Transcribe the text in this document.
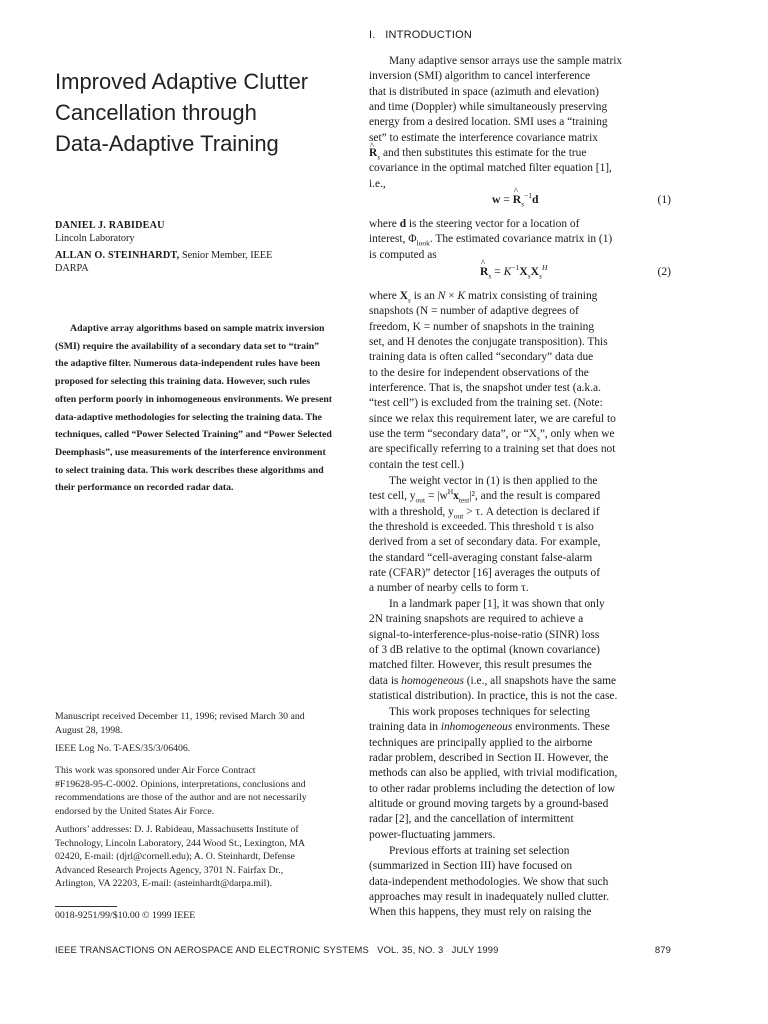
Improved Adaptive Clutter
Cancellation through
Data-Adaptive Training
DANIEL J. RABIDEAU
Lincoln Laboratory
ALLAN O. STEINHARDT, Senior Member, IEEE
DARPA
Adaptive array algorithms based on sample matrix inversion
(SMI) require the availability of a secondary data set to “train”
the adaptive filter. Numerous data-independent rules have been
proposed for selecting this training data. However, such rules
often perform poorly in inhomogeneous environments. We present
data-adaptive methodologies for selecting the training data. The
techniques, called “Power Selected Training” and “Power Selected
Deemphasis”, use measurements of the interference environment
to select training data. This work describes these algorithms and
their performance on recorded radar data.
Manuscript received December 11, 1996; revised March 30 and
August 28, 1998.
IEEE Log No. T-AES/35/3/06406.
This work was sponsored under Air Force Contract
#F19628-95-C-0002. Opinions, interpretations, conclusions and
recommendations are those of the author and are not necessarily
endorsed by the United States Air Force.
Authors’ addresses: D. J. Rabideau, Massachusetts Institute of
Technology, Lincoln Laboratory, 244 Wood St., Lexington, MA
02420, E-mail: (djrl@cornell.edu); A. O. Steinhardt, Defense
Advanced Research Projects Agency, 3701 N. Fairfax Dr.,
Arlington, VA 22203, E-mail: (asteinhardt@darpa.mil).
0018-9251/99/$10.00 © 1999 IEEE
IEEE TRANSACTIONS ON AEROSPACE AND ELECTRONIC SYSTEMS   VOL. 35, NO. 3   JULY 1999	879
I.   INTRODUCTION
Many adaptive sensor arrays use the sample matrix
inversion (SMI) algorithm to cancel interference
that is distributed in space (azimuth and elevation)
and time (Doppler) while simultaneously preserving
energy from a desired location. SMI uses a “training
set” to estimate the interference covariance matrix
^ $R_s$ and then substitutes this estimate for the true
covariance in the optimal matched filter equation [1],
i.e.,
w = ^ $R_s^{-1}d$	(1)
where d is the steering vector for a location of
interest, $\Phi_{look}$. The estimated covariance matrix in (1)
is computed as
^ $R_s = K^{-1}X_sX_s^H$	(2)
where $X_s$ is an N × K matrix consisting of training
snapshots (N = number of adaptive degrees of
freedom, K = number of snapshots in the training
set, and H denotes the conjugate transposition). This
training data is often called “secondary” data due
to the desire for independent observations of the
interference. That is, the snapshot under test (a.k.a.
“test cell”) is excluded from the training set. (Note:
since we relax this requirement later, we are careful to
use the term “secondary data”, or “$X_s$”, only when we
are specifically referring to a training set that does not
contain the test cell.)
The weight vector in (1) is then applied to the
test cell, $y_{out} = |w^Hx_{test}|^2$, and the result is compared
with a threshold, $y_{out} > \tau$. A detection is declared if
the threshold is exceeded. This threshold τ is also
derived from a set of secondary data. For example,
the standard “cell-averaging constant false-alarm
rate (CFAR)” detector [16] averages the outputs of
a number of nearby cells to form τ.
In a landmark paper [1], it was shown that only
2N training snapshots are required to achieve a
signal-to-interference-plus-noise-ratio (SINR) loss
of 3 dB relative to the optimal (known covariance)
matched filter. However, this result presumes the
data is homogeneous (i.e., all snapshots have the same
statistical distribution). In practice, this is not the case.
This work proposes techniques for selecting
training data in inhomogeneous environments. These
techniques are principally applied to the airborne
radar problem, described in Section II. However, the
methods can also be applied, with trivial modification,
to other radar problems including the detection of low
altitude or ground moving targets by a ground-based
radar [2], and the cancellation of intermittent
power-fluctuating jammers.
Previous efforts at training set selection
(summarized in Section III) have focused on
data-independent methodologies. We show that such
approaches may result in inadequately nulled clutter.
When this happens, they must rely on raising the
